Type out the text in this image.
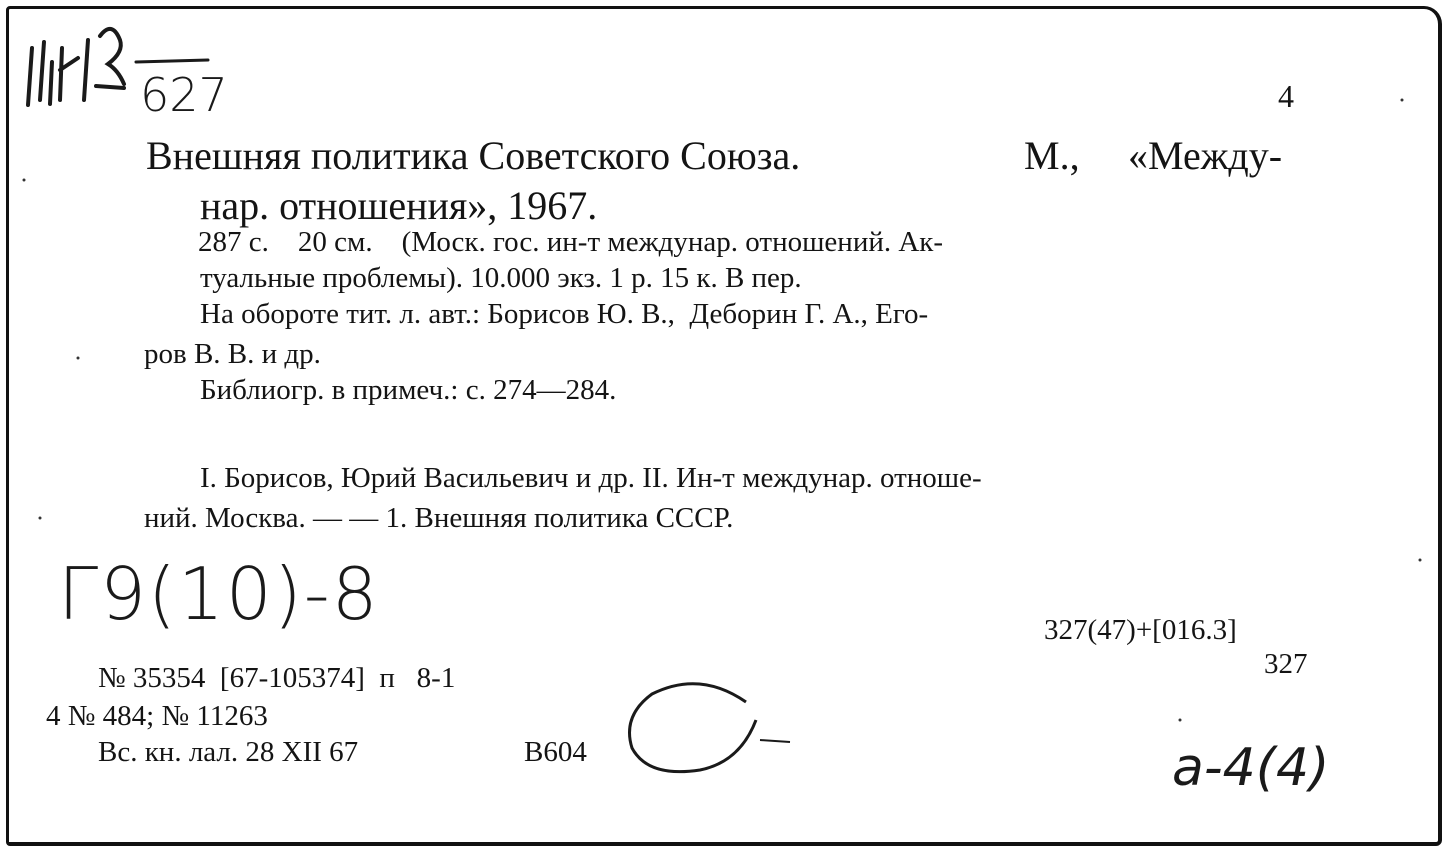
627	4
Внешняя политика Советского Союза.	М., «Междy-
нар. отношения», 1967.
287 с.    20 см.    (Моск. гос. ин-т междунар. отношений. Ак-
туальные проблемы). 10.000 экз. 1 р. 15 к. В пер.
На обороте тит. л. авт.: Борисов Ю. В.,  Деборин Г. А., Его-
ров В. В. и др.
Библиогр. в примеч.: с. 274—284.
I. Борисов, Юрий Васильевич и др. II. Ин-т междунар. отноше-
ний. Москва. — — 1. Внешняя политика СССР.
Г9(10)-8	327(47)+[016.3]
327
№ 35354  [67-105374]  п   8-1
4 № 484; № 11263
Вс. кн. лал. 28 XII 67	B604	a-4(4)
